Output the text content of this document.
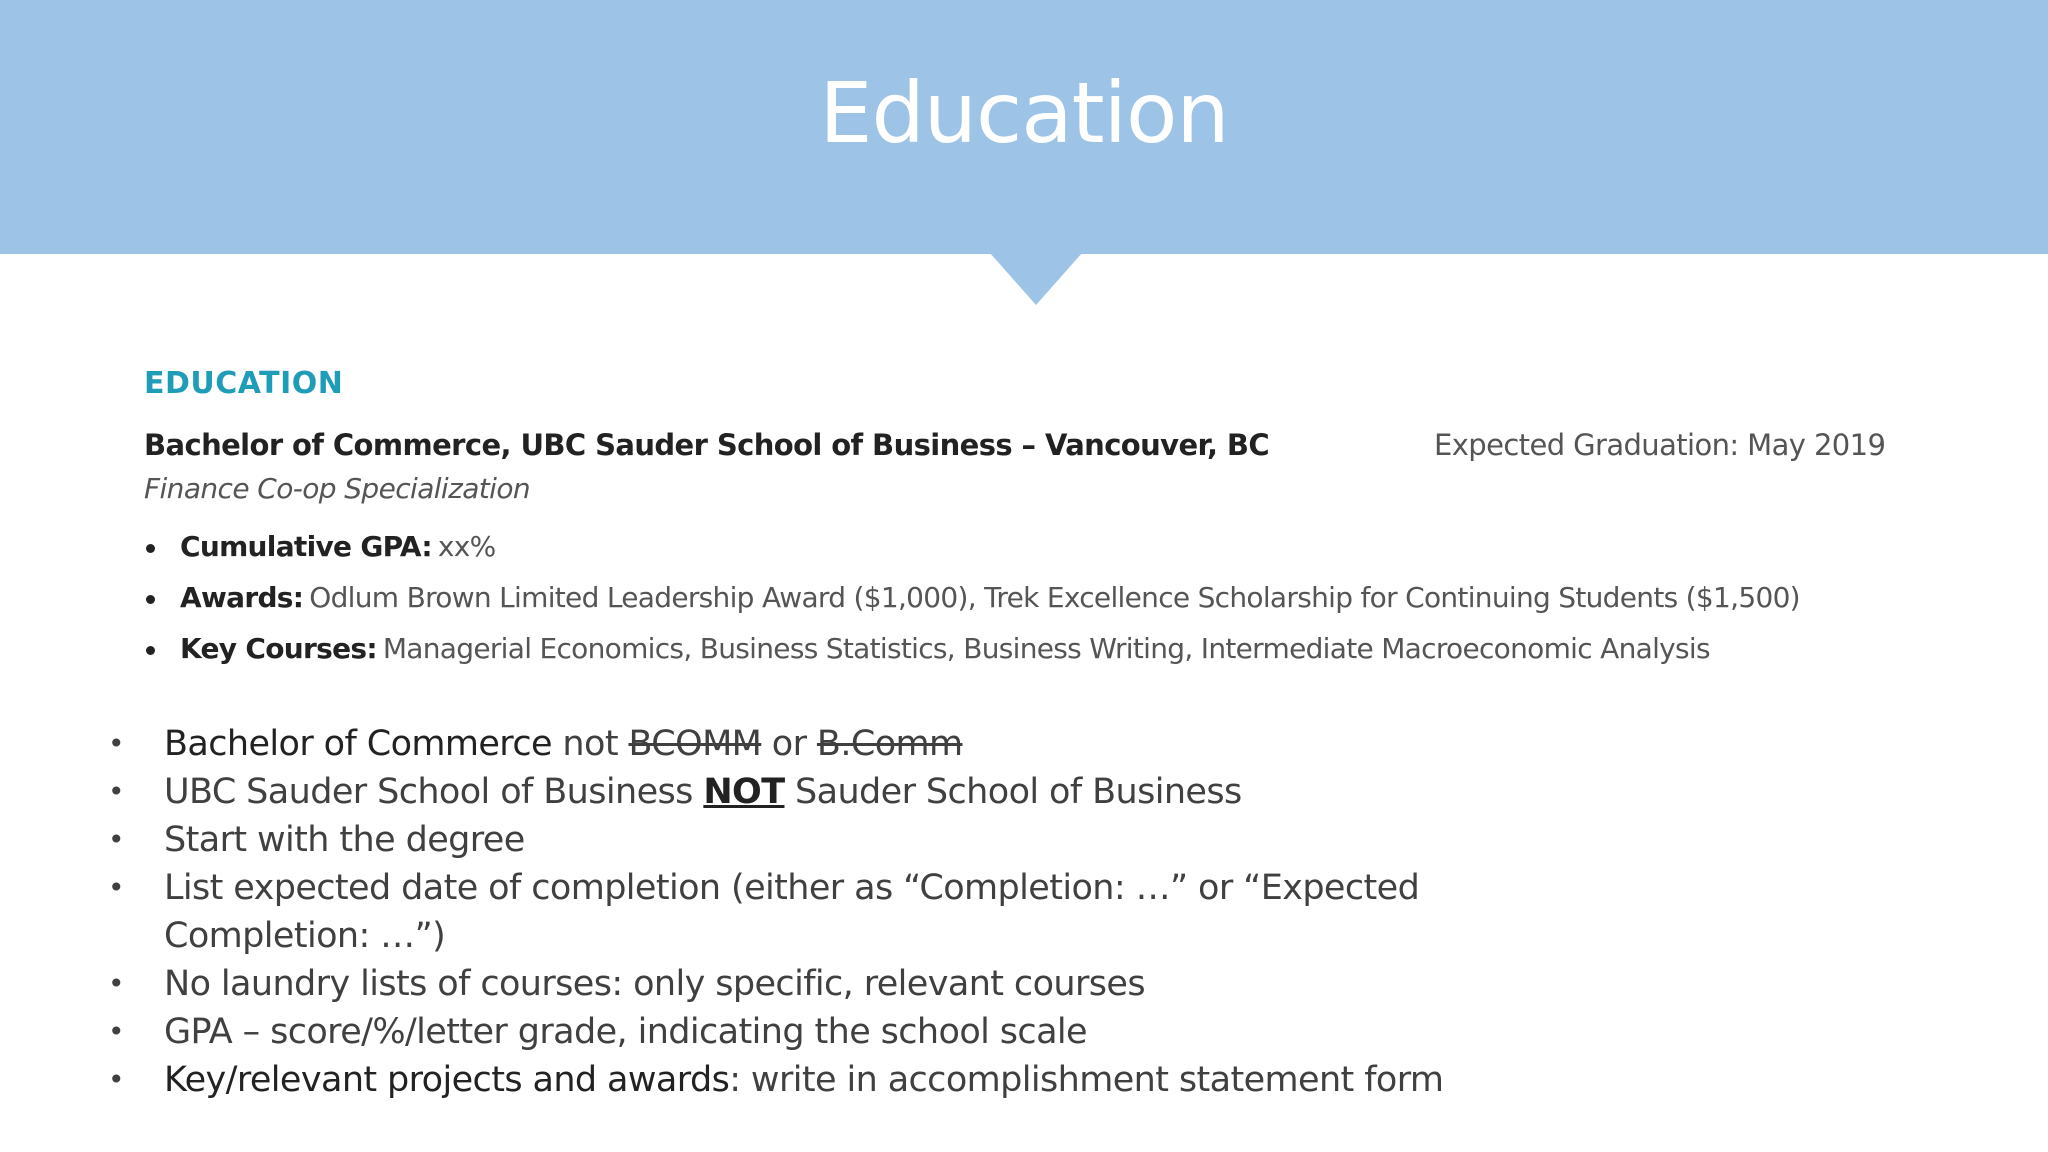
Education
EDUCATION
Bachelor of Commerce, UBC Sauder School of Business – Vancouver, BC	Expected Graduation: May 2019
Finance Co-op Specialization
Cumulative GPA: xx%
Awards: Odlum Brown Limited Leadership Award ($1,000), Trek Excellence Scholarship for Continuing Students ($1,500)
Key Courses: Managerial Economics, Business Statistics, Business Writing, Intermediate Macroeconomic Analysis
• Bachelor of Commerce not BCOMM or B.Comm
• UBC Sauder School of Business NOT Sauder School of Business
• Start with the degree
• List expected date of completion (either as “Completion: …” or “Expected Completion: …”)
• No laundry lists of courses: only specific, relevant courses
• GPA – score/%/letter grade, indicating the school scale
• Key/relevant projects and awards: write in accomplishment statement form
